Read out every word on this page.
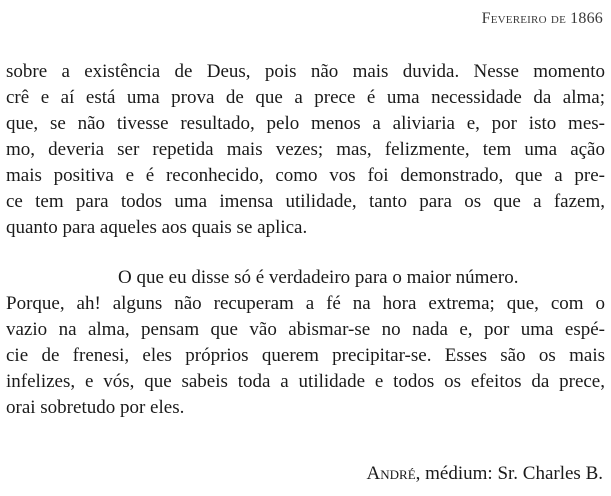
Fevereiro de 1866
sobre a existência de Deus, pois não mais duvida. Nesse momento
crê e aí está uma prova de que a prece é uma necessidade da alma;
que, se não tivesse resultado, pelo menos a aliviaria e, por isto mes-
mo, deveria ser repetida mais vezes; mas, felizmente, tem uma ação
mais positiva e é reconhecido, como vos foi demonstrado, que a pre-
ce tem para todos uma imensa utilidade, tanto para os que a fazem,
quanto para aqueles aos quais se aplica.
O que eu disse só é verdadeiro para o maior número.
Porque, ah! alguns não recuperam a fé na hora extrema; que, com o
vazio na alma, pensam que vão abismar-se no nada e, por uma espé-
cie de frenesi, eles próprios querem precipitar-se. Esses são os mais
infelizes, e vós, que sabeis toda a utilidade e todos os efeitos da prece,
orai sobretudo por eles.
André, médium: Sr. Charles B.
